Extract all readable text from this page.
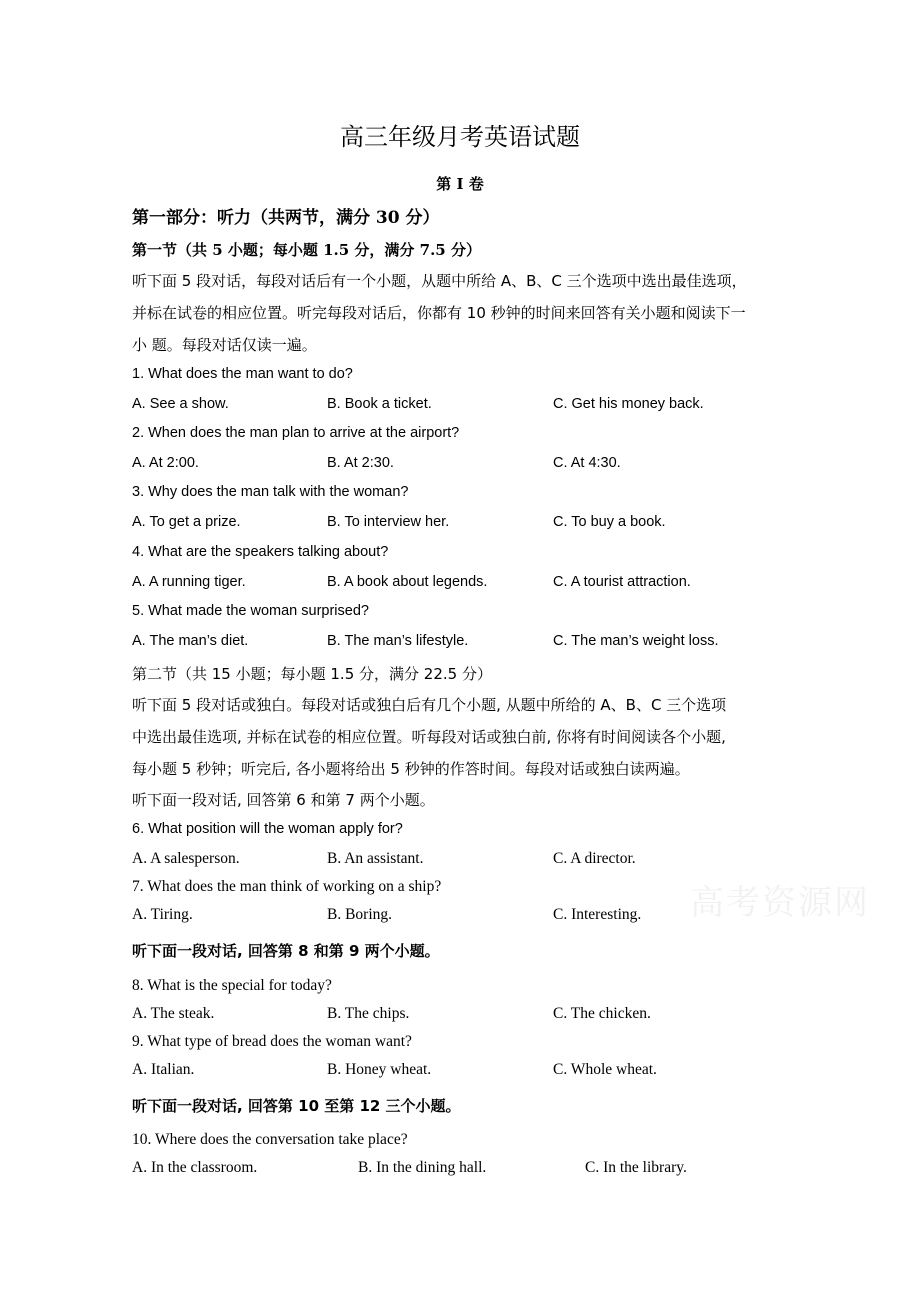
高三年级月考英语试题
第 I 卷
第一部分：听力（共两节，满分 30 分）
第一节（共 5 小题；每小题 1.5 分，满分 7.5 分）
听下面 5 段对话，每段对话后有一个小题，从题中所给 A、B、C 三个选项中选出最佳选项，
并标在试卷的相应位置。听完每段对话后，你都有 10 秒钟的时间来回答有关小题和阅读下一
小 题。每段对话仅读一遍。
1. What does the man want to do?
A. See a show.	B. Book a ticket.	C. Get his money back.
2. When does the man plan to arrive at the airport?
A. At 2:00.	B. At 2:30.	C. At 4:30.
3. Why does the man talk with the woman?
A. To get a prize.	B. To interview her.	C. To buy a book.
4. What are the speakers talking about?
A. A running tiger.	B. A book about legends.	C. A tourist attraction.
5. What made the woman surprised?
A. The man’s diet.	B. The man’s lifestyle.	C. The man’s weight loss.
第二节（共 15 小题；每小题 1.5 分，满分 22.5 分）
听下面 5 段对话或独白。每段对话或独白后有几个小题, 从题中所给的 A、B、C 三个选项
中选出最佳选项, 并标在试卷的相应位置。听每段对话或独白前, 你将有时间阅读各个小题,
每小题 5 秒钟；听完后, 各小题将给出 5 秒钟的作答时间。每段对话或独白读两遍。
听下面一段对话, 回答第 6 和第 7 两个小题。
6. What position will the woman apply for?
A. A salesperson.	B. An assistant.	C. A director.
7. What does the man think of working on a ship?
A. Tiring.	B. Boring.	C. Interesting. 高考资源网
听下面一段对话, 回答第 8 和第 9 两个小题。
8. What is the special for today?
A. The steak.	B. The chips.	C. The chicken.
9. What type of bread does the woman want?
A. Italian.	B. Honey wheat.	C. Whole wheat.
听下面一段对话, 回答第 10 至第 12 三个小题。
10. Where does the conversation take place?
A. In the classroom.	B. In the dining hall.	C. In the library.
